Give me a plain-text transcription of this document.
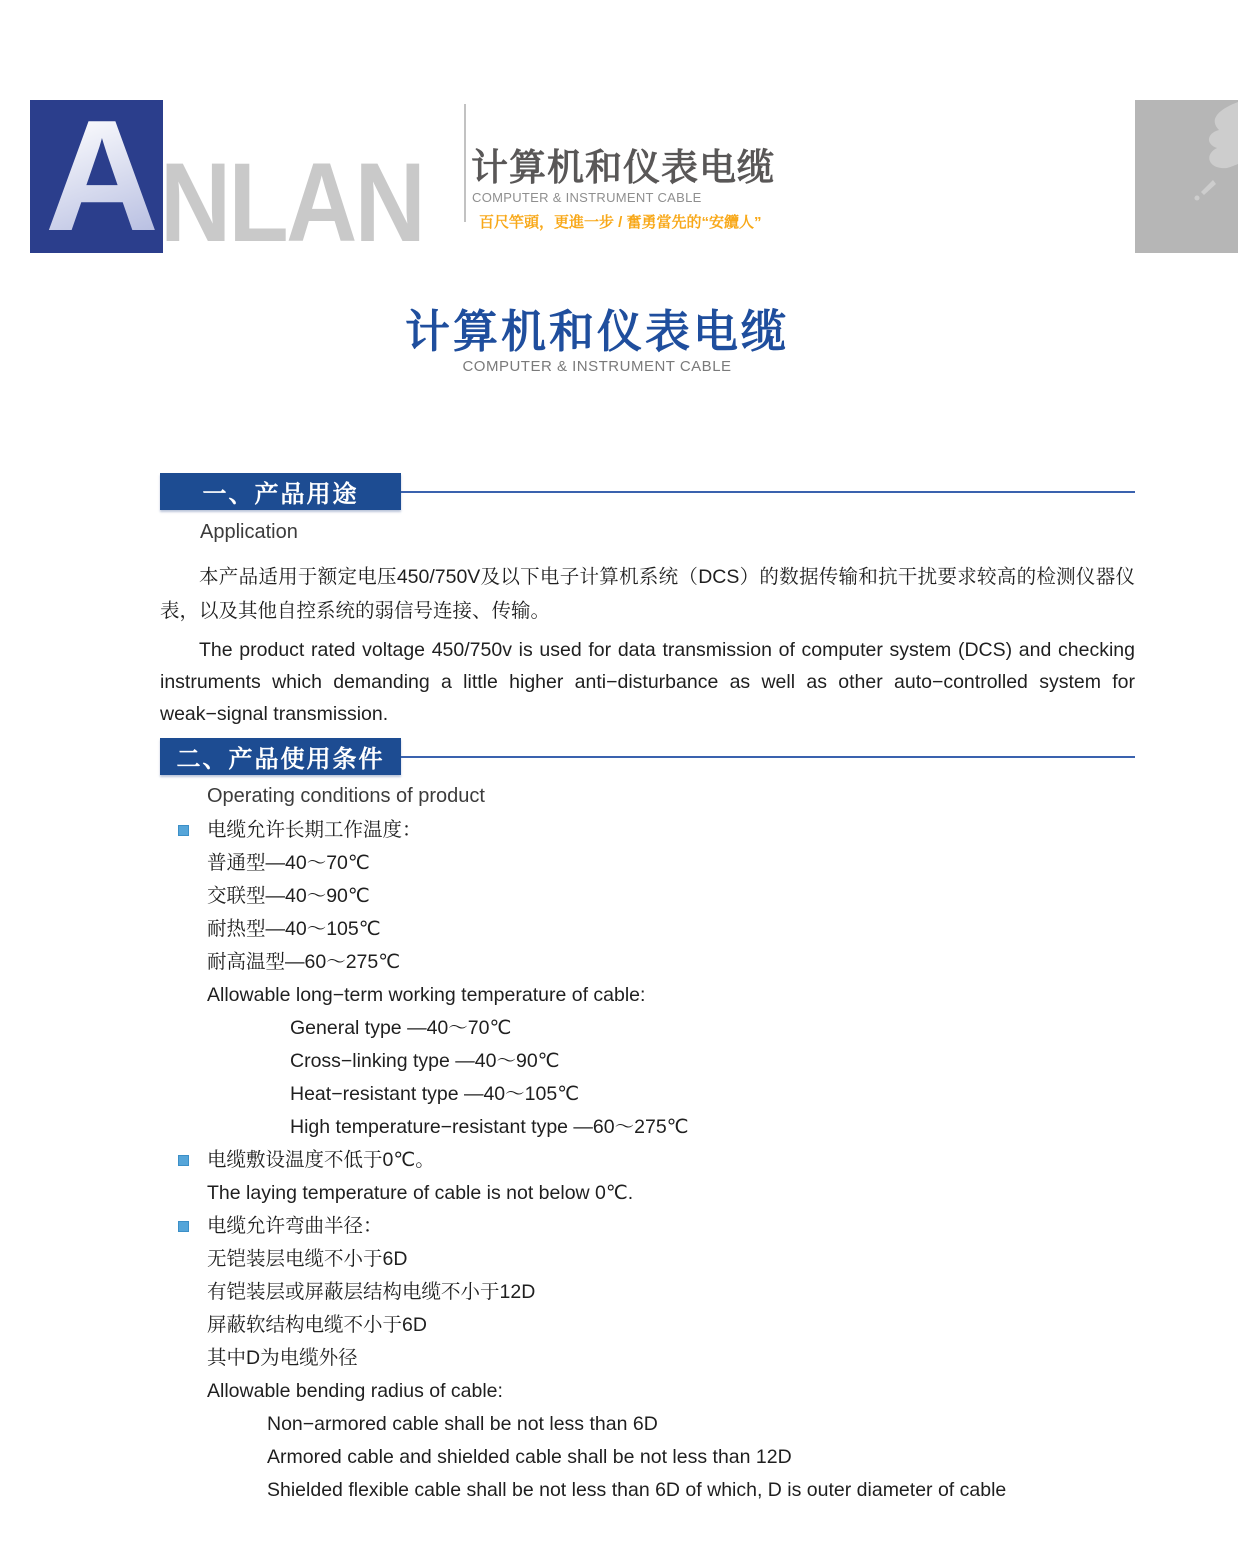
A NLAN 计算机和仪表电缆
COMPUTER & INSTRUMENT CABLE
百尺竿頭，更進一步 / 奮勇當先的“安纜人”
计算机和仪表电缆
COMPUTER & INSTRUMENT CABLE
一、产品用途
Application
本产品适用于额定电压450/750V及以下电子计算机系统（DCS）的数据传输和抗干扰要求较高的检测仪器仪表，以及其他自控系统的弱信号连接、传输。
The product rated voltage 450/750v is used for data transmission of computer system (DCS) and checking instruments which demanding a little higher anti−disturbance as well as other auto−controlled system for weak−signal transmission.
二、产品使用条件
Operating conditions of product
电缆允许长期工作温度：
普通型—40～70℃
交联型—40～90℃
耐热型—40～105℃
耐高温型—60～275℃
Allowable long−term working temperature of cable:
General type —40～70℃
Cross−linking type —40～90℃
Heat−resistant type —40～105℃
High temperature−resistant type —60～275℃
电缆敷设温度不低于0℃。
The laying temperature of cable is not below 0℃.
电缆允许弯曲半径：
无铠装层电缆不小于6D
有铠装层或屏蔽层结构电缆不小于12D
屏蔽软结构电缆不小于6D
其中D为电缆外径
Allowable bending radius of cable:
Non−armored cable shall be not less than 6D
Armored cable and shielded cable shall be not less than 12D
Shielded flexible cable shall be not less than 6D of which, D is outer diameter of cable
